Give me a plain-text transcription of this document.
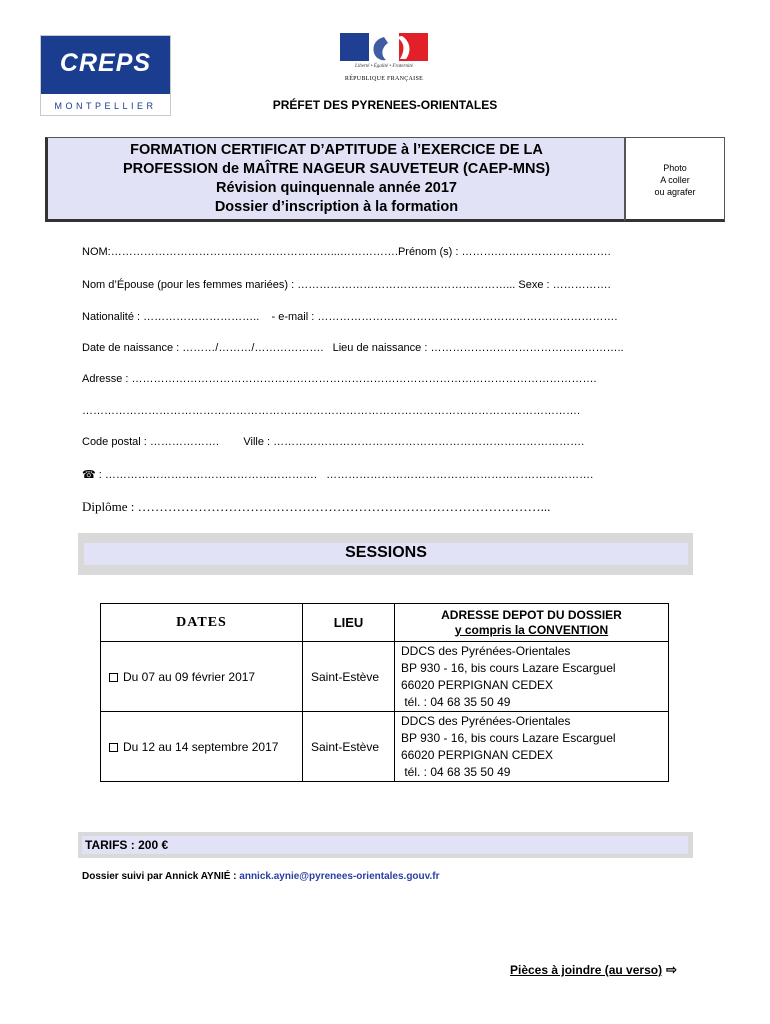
CREPS
MONTPELLIER
Liberté • Égalité • Fraternité
RÉPUBLIQUE FRANÇAISE
PRÉFET DES PYRENEES-ORIENTALES
FORMATION CERTIFICAT D’APTITUDE à l’EXERCICE DE LA
PROFESSION de MAÎTRE NAGEUR SAUVETEUR (CAEP-MNS)
Révision quinquennale année 2017
Dossier d’inscription à la formation
Photo
A coller
ou agrafer
NOM:……………………………………………………...…………….Prénom (s) : ……….………………………….
Nom d’Épouse (pour les femmes mariées) : …………………………………………………... Sexe : …………….
Nationalité : …………………………..    - e-mail : ……………………………………………………………………….
Date de naissance : ………/………/……………….   Lieu de naissance : ……………………………………………..
Adresse : ……………………………………………………………………………………………………………….
……………………………………………………………………………………………………………………….
Code postal : ……………….        Ville : ………………………………………………………………………….
☎ : ………………………………………………….   ……………………………………………………………….
Diplôme : …………………………………………………………………………………...
SESSIONS
DATES	LIEU	ADRESSE DEPOT DU DOSSIER
y compris la CONVENTION

Du 07 au 09 février 2017	Saint-Estève	DDCS des Pyrénées-Orientales
BP 930 - 16, bis cours Lazare Escarguel
66020 PERPIGNAN CEDEX
tél. : 04 68 35 50 49

Du 12 au 14 septembre 2017	Saint-Estève	DDCS des Pyrénées-Orientales
BP 930 - 16, bis cours Lazare Escarguel
66020 PERPIGNAN CEDEX
tél. : 04 68 35 50 49
TARIFS : 200 €
Dossier suivi par Annick AYNIÉ : annick.aynie@pyrenees-orientales.gouv.fr
Pièces à joindre (au verso) ⇨
